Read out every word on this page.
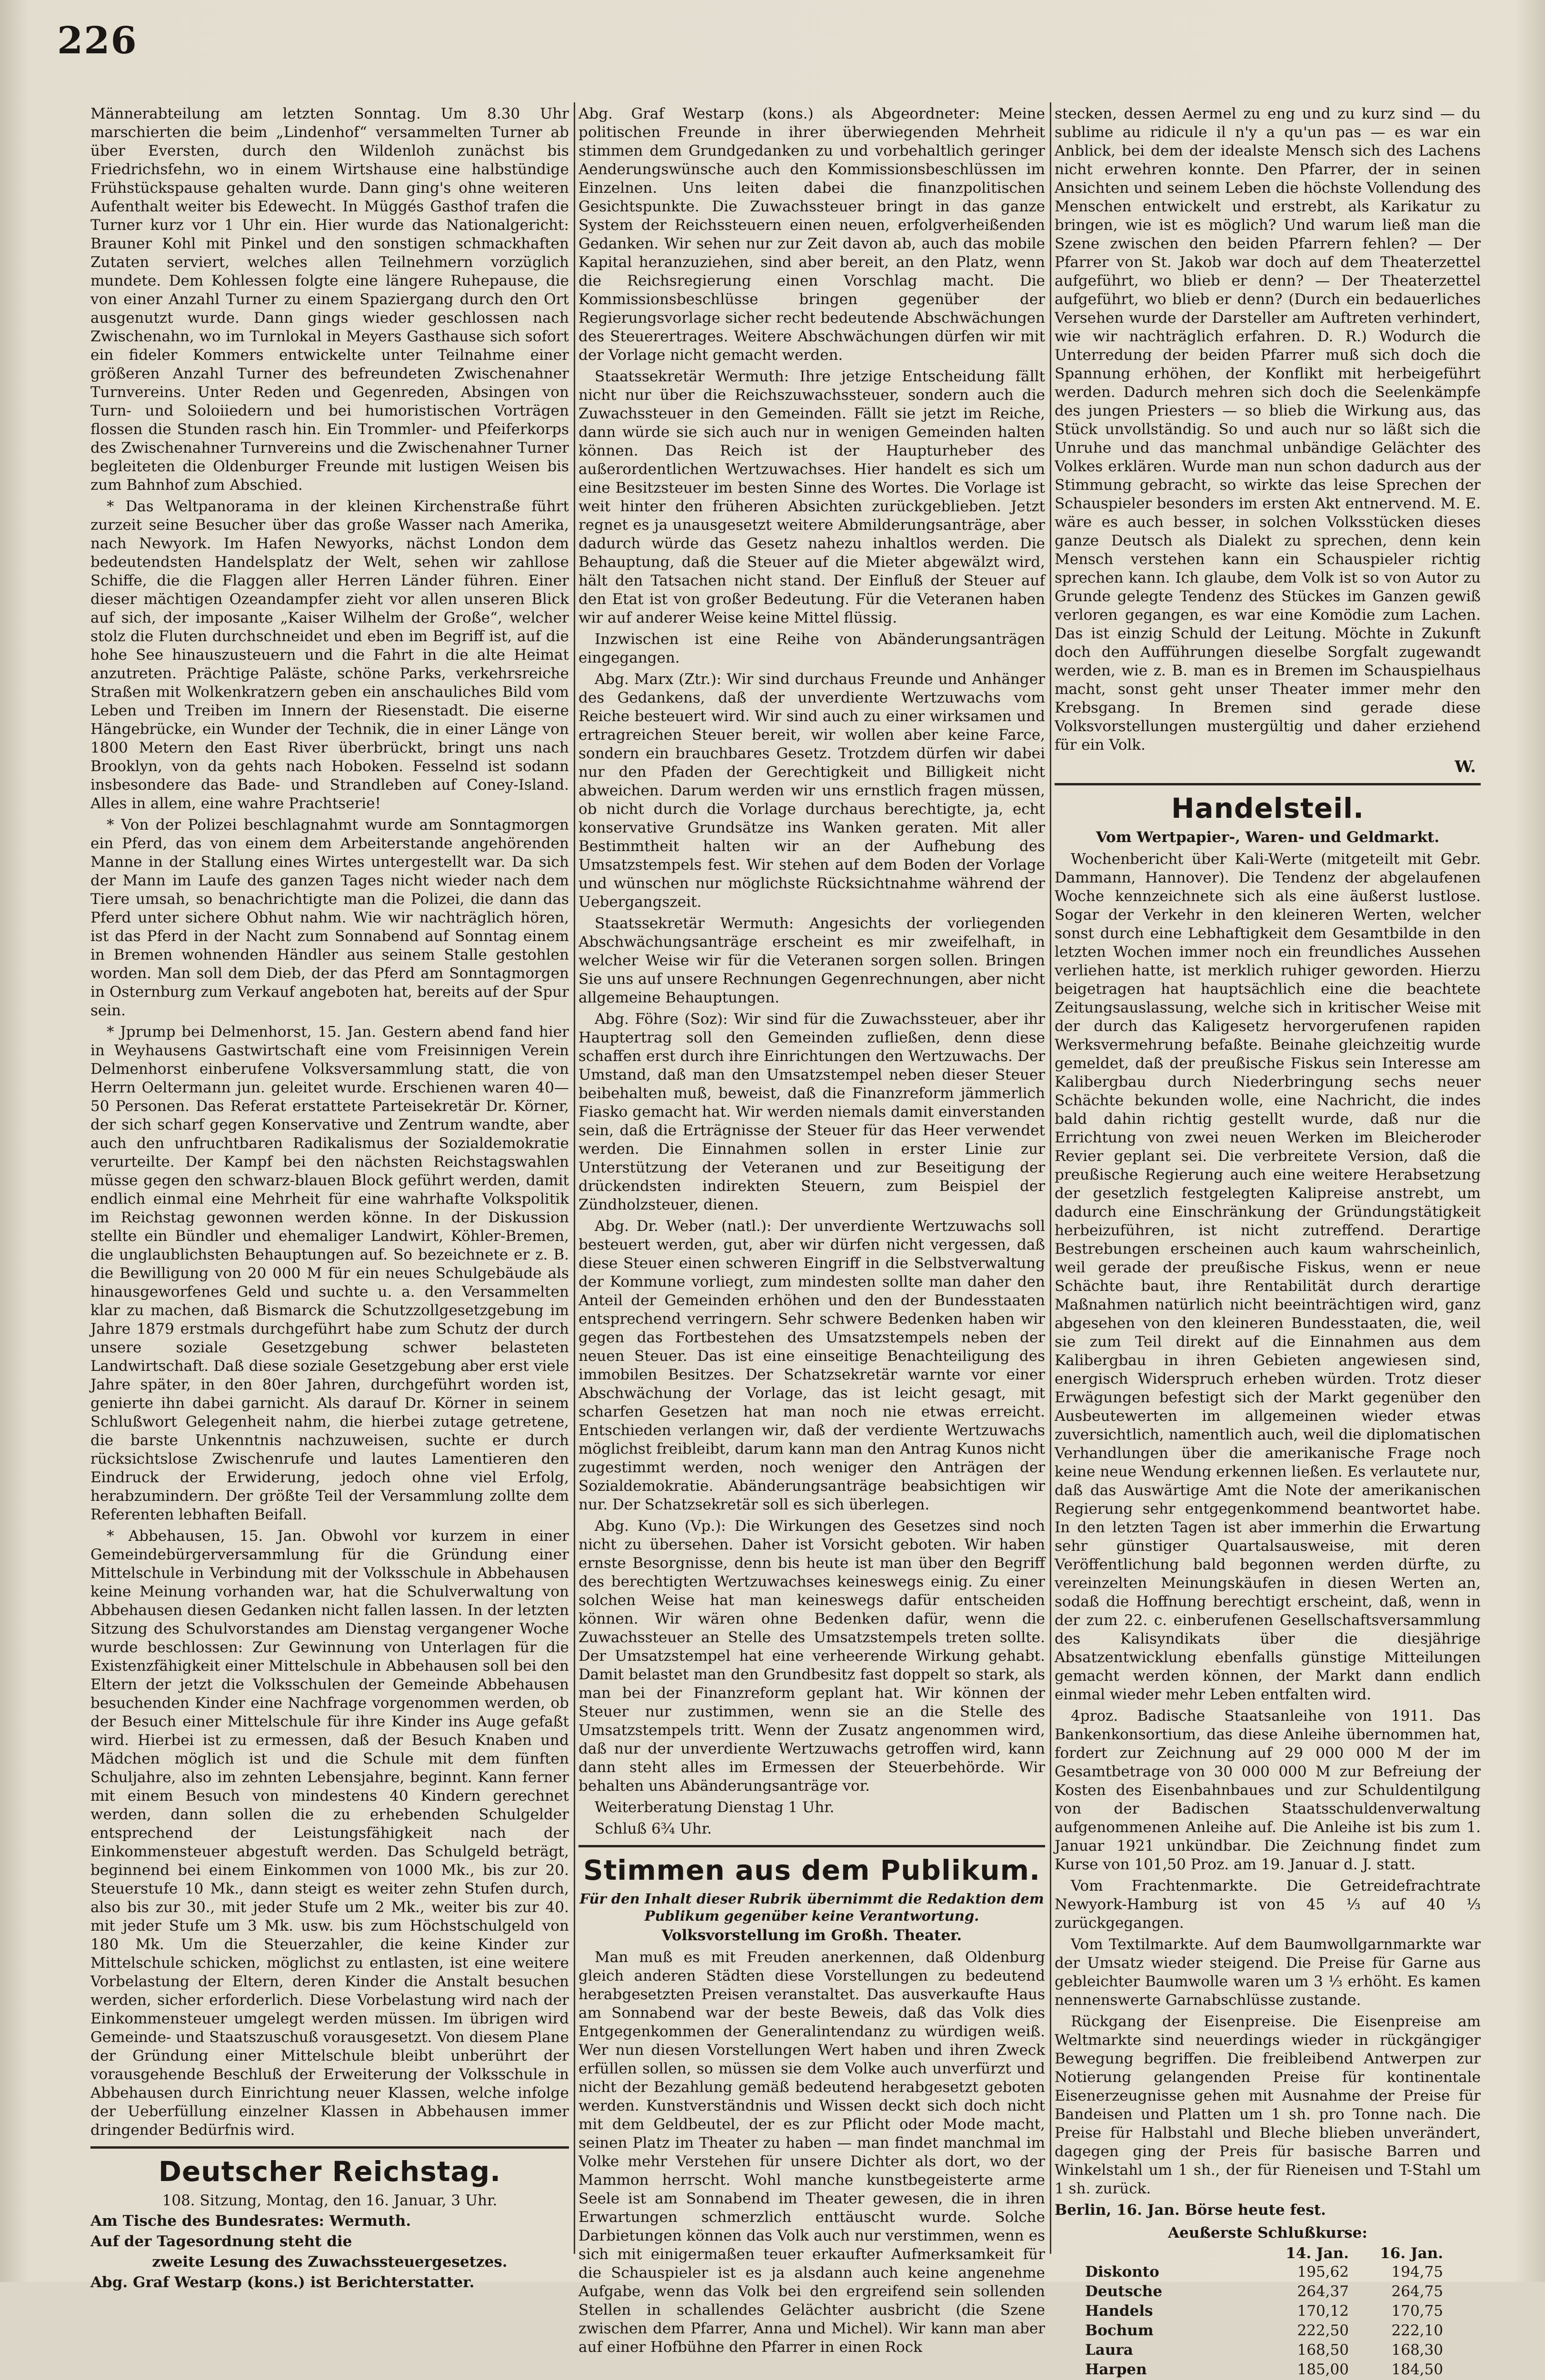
226

Männerabteilung am letzten Sonntag. Um 8.30 Uhr marschierten die beim „Lindenhof“ versammelten Turner ab über Eversten, durch den Wildenloh zunächst bis Friedrichsfehn, wo in einem Wirtshause eine halbstündige Frühstückspause gehalten wurde. Dann ging's ohne weiteren Aufenthalt weiter bis Edewecht. In Müggés Gasthof trafen die Turner kurz vor 1 Uhr ein. Hier wurde das Nationalgericht: Brauner Kohl mit Pinkel und den sonstigen schmackhaften Zutaten serviert, welches allen Teilnehmern vorzüglich mundete. Dem Kohlessen folgte eine längere Ruhepause, die von einer Anzahl Turner zu einem Spaziergang durch den Ort ausgenutzt wurde. Dann gings wieder geschlossen nach Zwischenahn, wo im Turnlokal in Meyers Gasthause sich sofort ein fideler Kommers entwickelte unter Teilnahme einer größeren Anzahl Turner des befreundeten Zwischenahner Turnvereins. Unter Reden und Gegenreden, Absingen von Turn- und Soloiiedern und bei humoristischen Vorträgen flossen die Stunden rasch hin. Ein Trommler- und Pfeiferkorps des Zwischenahner Turnvereins und die Zwischenahner Turner begleiteten die Oldenburger Freunde mit lustigen Weisen bis zum Bahnhof zum Abschied.

* Das Weltpanorama in der kleinen Kirchenstraße führt zurzeit seine Besucher über das große Wasser nach Amerika, nach Newyork. Im Hafen Newyorks, nächst London dem bedeutendsten Handelsplatz der Welt, sehen wir zahllose Schiffe, die die Flaggen aller Herren Länder führen. Einer dieser mächtigen Ozeandampfer zieht vor allen unseren Blick auf sich, der imposante „Kaiser Wilhelm der Große“, welcher stolz die Fluten durchschneidet und eben im Begriff ist, auf die hohe See hinauszusteuern und die Fahrt in die alte Heimat anzutreten. Prächtige Paläste, schöne Parks, verkehrsreiche Straßen mit Wolkenkratzern geben ein anschauliches Bild vom Leben und Treiben im Innern der Riesenstadt. Die eiserne Hängebrücke, ein Wunder der Technik, die in einer Länge von 1800 Metern den East River überbrückt, bringt uns nach Brooklyn, von da gehts nach Hoboken. Fesselnd ist sodann insbesondere das Bade- und Strandleben auf Coney-Island. Alles in allem, eine wahre Prachtserie!

* Von der Polizei beschlagnahmt wurde am Sonntagmorgen ein Pferd, das von einem dem Arbeiterstande angehörenden Manne in der Stallung eines Wirtes untergestellt war. Da sich der Mann im Laufe des ganzen Tages nicht wieder nach dem Tiere umsah, so benachrichtigte man die Polizei, die dann das Pferd unter sichere Obhut nahm. Wie wir nachträglich hören, ist das Pferd in der Nacht zum Sonnabend auf Sonntag einem in Bremen wohnenden Händler aus seinem Stalle gestohlen worden. Man soll dem Dieb, der das Pferd am Sonntagmorgen in Osternburg zum Verkauf angeboten hat, bereits auf der Spur sein.

* Jprump bei Delmenhorst, 15. Jan. Gestern abend fand hier in Weyhausens Gastwirtschaft eine vom Freisinnigen Verein Delmenhorst einberufene Volksversammlung statt, die von Herrn Oeltermann jun. geleitet wurde. Erschienen waren 40—50 Personen. Das Referat erstattete Parteisekretär Dr. Körner, der sich scharf gegen Konservative und Zentrum wandte, aber auch den unfruchtbaren Radikalismus der Sozialdemokratie verurteilte. Der Kampf bei den nächsten Reichstagswahlen müsse gegen den schwarz-blauen Block geführt werden, damit endlich einmal eine Mehrheit für eine wahrhafte Volkspolitik im Reichstag gewonnen werden könne. In der Diskussion stellte ein Bündler und ehemaliger Landwirt, Köhler-Bremen, die unglaublichsten Behauptungen auf. So bezeichnete er z. B. die Bewilligung von 20 000 M für ein neues Schulgebäude als hinausgeworfenes Geld und suchte u. a. den Versammelten klar zu machen, daß Bismarck die Schutzzollgesetzgebung im Jahre 1879 erstmals durchgeführt habe zum Schutz der durch unsere soziale Gesetzgebung schwer belasteten Landwirtschaft. Daß diese soziale Gesetzgebung aber erst viele Jahre später, in den 80er Jahren, durchgeführt worden ist, genierte ihn dabei garnicht. Als darauf Dr. Körner in seinem Schlußwort Gelegenheit nahm, die hierbei zutage getretene, die barste Unkenntnis nachzuweisen, suchte er durch rücksichtslose Zwischenrufe und lautes Lamentieren den Eindruck der Erwiderung, jedoch ohne viel Erfolg, herabzumindern. Der größte Teil der Versammlung zollte dem Referenten lebhaften Beifall.

* Abbehausen, 15. Jan. Obwohl vor kurzem in einer Gemeindebürgerversammlung für die Gründung einer Mittelschule in Verbindung mit der Volksschule in Abbehausen keine Meinung vorhanden war, hat die Schulverwaltung von Abbehausen diesen Gedanken nicht fallen lassen. In der letzten Sitzung des Schulvorstandes am Dienstag vergangener Woche wurde beschlossen: Zur Gewinnung von Unterlagen für die Existenzfähigkeit einer Mittelschule in Abbehausen soll bei den Eltern der jetzt die Volksschulen der Gemeinde Abbehausen besuchenden Kinder eine Nachfrage vorgenommen werden, ob der Besuch einer Mittelschule für ihre Kinder ins Auge gefaßt wird. Hierbei ist zu ermessen, daß der Besuch Knaben und Mädchen möglich ist und die Schule mit dem fünften Schuljahre, also im zehnten Lebensjahre, beginnt. Kann ferner mit einem Besuch von mindestens 40 Kindern gerechnet werden, dann sollen die zu erhebenden Schulgelder entsprechend der Leistungsfähigkeit nach der Einkommensteuer abgestuft werden. Das Schulgeld beträgt, beginnend bei einem Einkommen von 1000 Mk., bis zur 20. Steuerstufe 10 Mk., dann steigt es weiter zehn Stufen durch, also bis zur 30., mit jeder Stufe um 2 Mk., weiter bis zur 40. mit jeder Stufe um 3 Mk. usw. bis zum Höchstschulgeld von 180 Mk. Um die Steuerzahler, die keine Kinder zur Mittelschule schicken, möglichst zu entlasten, ist eine weitere Vorbelastung der Eltern, deren Kinder die Anstalt besuchen werden, sicher erforderlich. Diese Vorbelastung wird nach der Einkommensteuer umgelegt werden müssen. Im übrigen wird Gemeinde- und Staatszuschuß vorausgesetzt. Von diesem Plane der Gründung einer Mittelschule bleibt unberührt der vorausgehende Beschluß der Erweiterung der Volksschule in Abbehausen durch Einrichtung neuer Klassen, welche infolge der Ueberfüllung einzelner Klassen in Abbehausen immer dringender Bedürfnis wird.

Deutscher Reichstag.

108. Sitzung, Montag, den 16. Januar, 3 Uhr.

Am Tische des Bundesrates: Wermuth.

Auf der Tagesordnung steht die

zweite Lesung des Zuwachssteuergesetzes.

Abg. Graf Westarp (kons.) ist Berichterstatter.

Abg. Graf Westarp (kons.) als Abgeordneter: Meine politischen Freunde in ihrer überwiegenden Mehrheit stimmen dem Grundgedanken zu und vorbehaltlich geringer Aenderungswünsche auch den Kommissionsbeschlüssen im Einzelnen. Uns leiten dabei die finanzpolitischen Gesichtspunkte. Die Zuwachssteuer bringt in das ganze System der Reichssteuern einen neuen, erfolgverheißenden Gedanken. Wir sehen nur zur Zeit davon ab, auch das mobile Kapital heranzuziehen, sind aber bereit, an den Platz, wenn die Reichsregierung einen Vorschlag macht. Die Kommissionsbeschlüsse bringen gegenüber der Regierungsvorlage sicher recht bedeutende Abschwächungen des Steuerertrages. Weitere Abschwächungen dürfen wir mit der Vorlage nicht gemacht werden.

Staatssekretär Wermuth: Ihre jetzige Entscheidung fällt nicht nur über die Reichszuwachssteuer, sondern auch die Zuwachssteuer in den Gemeinden. Fällt sie jetzt im Reiche, dann würde sie sich auch nur in wenigen Gemeinden halten können. Das Reich ist der Haupturheber des außerordentlichen Wertzuwachses. Hier handelt es sich um eine Besitzsteuer im besten Sinne des Wortes. Die Vorlage ist weit hinter den früheren Absichten zurückgeblieben. Jetzt regnet es ja unausgesetzt weitere Abmilderungsanträge, aber dadurch würde das Gesetz nahezu inhaltlos werden. Die Behauptung, daß die Steuer auf die Mieter abgewälzt wird, hält den Tatsachen nicht stand. Der Einfluß der Steuer auf den Etat ist von großer Bedeutung. Für die Veteranen haben wir auf anderer Weise keine Mittel flüssig.

Inzwischen ist eine Reihe von Abänderungsanträgen eingegangen.

Abg. Marx (Ztr.): Wir sind durchaus Freunde und Anhänger des Gedankens, daß der unverdiente Wertzuwachs vom Reiche besteuert wird. Wir sind auch zu einer wirksamen und ertragreichen Steuer bereit, wir wollen aber keine Farce, sondern ein brauchbares Gesetz. Trotzdem dürfen wir dabei nur den Pfaden der Gerechtigkeit und Billigkeit nicht abweichen. Darum werden wir uns ernstlich fragen müssen, ob nicht durch die Vorlage durchaus berechtigte, ja, echt konservative Grundsätze ins Wanken geraten. Mit aller Bestimmtheit halten wir an der Aufhebung des Umsatzstempels fest. Wir stehen auf dem Boden der Vorlage und wünschen nur möglichste Rücksichtnahme während der Uebergangszeit.

Staatssekretär Wermuth: Angesichts der vorliegenden Abschwächungsanträge erscheint es mir zweifelhaft, in welcher Weise wir für die Veteranen sorgen sollen. Bringen Sie uns auf unsere Rechnungen Gegenrechnungen, aber nicht allgemeine Behauptungen.

Abg. Föhre (Soz): Wir sind für die Zuwachssteuer, aber ihr Hauptertrag soll den Gemeinden zufließen, denn diese schaffen erst durch ihre Einrichtungen den Wertzuwachs. Der Umstand, daß man den Umsatzstempel neben dieser Steuer beibehalten muß, beweist, daß die Finanzreform jämmerlich Fiasko gemacht hat. Wir werden niemals damit einverstanden sein, daß die Erträgnisse der Steuer für das Heer verwendet werden. Die Einnahmen sollen in erster Linie zur Unterstützung der Veteranen und zur Beseitigung der drückendsten indirekten Steuern, zum Beispiel der Zündholzsteuer, dienen.

Abg. Dr. Weber (natl.): Der unverdiente Wertzuwachs soll besteuert werden, gut, aber wir dürfen nicht vergessen, daß diese Steuer einen schweren Eingriff in die Selbstverwaltung der Kommune vorliegt, zum mindesten sollte man daher den Anteil der Gemeinden erhöhen und den der Bundesstaaten entsprechend verringern. Sehr schwere Bedenken haben wir gegen das Fortbestehen des Umsatzstempels neben der neuen Steuer. Das ist eine einseitige Benachteiligung des immobilen Besitzes. Der Schatzsekretär warnte vor einer Abschwächung der Vorlage, das ist leicht gesagt, mit scharfen Gesetzen hat man noch nie etwas erreicht. Entschieden verlangen wir, daß der verdiente Wertzuwachs möglichst freibleibt, darum kann man den Antrag Kunos nicht zugestimmt werden, noch weniger den Anträgen der Sozialdemokratie. Abänderungsanträge beabsichtigen wir nur. Der Schatzsekretär soll es sich überlegen.

Abg. Kuno (Vp.): Die Wirkungen des Gesetzes sind noch nicht zu übersehen. Daher ist Vorsicht geboten. Wir haben ernste Besorgnisse, denn bis heute ist man über den Begriff des berechtigten Wertzuwachses keineswegs einig. Zu einer solchen Weise hat man keineswegs dafür entscheiden können. Wir wären ohne Bedenken dafür, wenn die Zuwachssteuer an Stelle des Umsatzstempels treten sollte. Der Umsatzstempel hat eine verheerende Wirkung gehabt. Damit belastet man den Grundbesitz fast doppelt so stark, als man bei der Finanzreform geplant hat. Wir können der Steuer nur zustimmen, wenn sie an die Stelle des Umsatzstempels tritt. Wenn der Zusatz angenommen wird, daß nur der unverdiente Wertzuwachs getroffen wird, kann dann steht alles im Ermessen der Steuerbehörde. Wir behalten uns Abänderungsanträge vor.

Weiterberatung Dienstag 1 Uhr.

Schluß 6¾ Uhr.

Stimmen aus dem Publikum.

Für den Inhalt dieser Rubrik übernimmt die Redaktion dem Publikum gegenüber keine Verantwortung.

Volksvorstellung im Großh. Theater.

Man muß es mit Freuden anerkennen, daß Oldenburg gleich anderen Städten diese Vorstellungen zu bedeutend herabgesetzten Preisen veranstaltet. Das ausverkaufte Haus am Sonnabend war der beste Beweis, daß das Volk dies Entgegenkommen der Generalintendanz zu würdigen weiß. Wer nun diesen Vorstellungen Wert haben und ihren Zweck erfüllen sollen, so müssen sie dem Volke auch unverfürzt und nicht der Bezahlung gemäß bedeutend herabgesetzt geboten werden. Kunstverständnis und Wissen deckt sich doch nicht mit dem Geldbeutel, der es zur Pflicht oder Mode macht, seinen Platz im Theater zu haben — man findet manchmal im Volke mehr Verstehen für unsere Dichter als dort, wo der Mammon herrscht. Wohl manche kunstbegeisterte arme Seele ist am Sonnabend im Theater gewesen, die in ihren Erwartungen schmerzlich enttäuscht wurde. Solche Darbietungen können das Volk auch nur verstimmen, wenn es sich mit einigermaßen teuer erkaufter Aufmerksamkeit für die Schauspieler ist es ja alsdann auch keine angenehme Aufgabe, wenn das Volk bei den ergreifend sein sollenden Stellen in schallendes Gelächter ausbricht (die Szene zwischen dem Pfarrer, Anna und Michel). Wir kann man aber auf einer Hofbühne den Pfarrer in einen Rock

stecken, dessen Aermel zu eng und zu kurz sind — du sublime au ridicule il n'y a qu'un pas — es war ein Anblick, bei dem der idealste Mensch sich des Lachens nicht erwehren konnte. Den Pfarrer, der in seinen Ansichten und seinem Leben die höchste Vollendung des Menschen entwickelt und erstrebt, als Karikatur zu bringen, wie ist es möglich? Und warum ließ man die Szene zwischen den beiden Pfarrern fehlen? — Der Pfarrer von St. Jakob war doch auf dem Theaterzettel aufgeführt, wo blieb er denn? — Der Theaterzettel aufgeführt, wo blieb er denn? (Durch ein bedauerliches Versehen wurde der Darsteller am Auftreten verhindert, wie wir nachträglich erfahren. D. R.) Wodurch die Unterredung der beiden Pfarrer muß sich doch die Spannung erhöhen, der Konflikt mit herbeigeführt werden. Dadurch mehren sich doch die Seelenkämpfe des jungen Priesters — so blieb die Wirkung aus, das Stück unvollständig. So und auch nur so läßt sich die Unruhe und das manchmal unbändige Gelächter des Volkes erklären. Wurde man nun schon dadurch aus der Stimmung gebracht, so wirkte das leise Sprechen der Schauspieler besonders im ersten Akt entnervend. M. E. wäre es auch besser, in solchen Volksstücken dieses ganze Deutsch als Dialekt zu sprechen, denn kein Mensch verstehen kann ein Schauspieler richtig sprechen kann. Ich glaube, dem Volk ist so von Autor zu Grunde gelegte Tendenz des Stückes im Ganzen gewiß verloren gegangen, es war eine Komödie zum Lachen. Das ist einzig Schuld der Leitung. Möchte in Zukunft doch den Aufführungen dieselbe Sorgfalt zugewandt werden, wie z. B. man es in Bremen im Schauspielhaus macht, sonst geht unser Theater immer mehr den Krebsgang. In Bremen sind gerade diese Volksvorstellungen mustergültig und daher erziehend für ein Volk.

W.
Handelsteil.

Vom Wertpapier-, Waren- und Geldmarkt.

Wochenbericht über Kali-Werte (mitgeteilt mit Gebr. Dammann, Hannover). Die Tendenz der abgelaufenen Woche kennzeichnete sich als eine äußerst lustlose. Sogar der Verkehr in den kleineren Werten, welcher sonst durch eine Lebhaftigkeit dem Gesamtbilde in den letzten Wochen immer noch ein freundliches Aussehen verliehen hatte, ist merklich ruhiger geworden. Hierzu beigetragen hat hauptsächlich eine die beachtete Zeitungsauslassung, welche sich in kritischer Weise mit der durch das Kaligesetz hervorgerufenen rapiden Werksvermehrung befaßte. Beinahe gleichzeitig wurde gemeldet, daß der preußische Fiskus sein Interesse am Kalibergbau durch Niederbringung sechs neuer Schächte bekunden wolle, eine Nachricht, die indes bald dahin richtig gestellt wurde, daß nur die Errichtung von zwei neuen Werken im Bleicheroder Revier geplant sei. Die verbreitete Version, daß die preußische Regierung auch eine weitere Herabsetzung der gesetzlich festgelegten Kalipreise anstrebt, um dadurch eine Einschränkung der Gründungstätigkeit herbeizuführen, ist nicht zutreffend. Derartige Bestrebungen erscheinen auch kaum wahrscheinlich, weil gerade der preußische Fiskus, wenn er neue Schächte baut, ihre Rentabilität durch derartige Maßnahmen natürlich nicht beeinträchtigen wird, ganz abgesehen von den kleineren Bundesstaaten, die, weil sie zum Teil direkt auf die Einnahmen aus dem Kalibergbau in ihren Gebieten angewiesen sind, energisch Widerspruch erheben würden. Trotz dieser Erwägungen befestigt sich der Markt gegenüber den Ausbeutewerten im allgemeinen wieder etwas zuversichtlich, namentlich auch, weil die diplomatischen Verhandlungen über die amerikanische Frage noch keine neue Wendung erkennen ließen. Es verlautete nur, daß das Auswärtige Amt die Note der amerikanischen Regierung sehr entgegenkommend beantwortet habe. In den letzten Tagen ist aber immerhin die Erwartung sehr günstiger Quartalsausweise, mit deren Veröffentlichung bald begonnen werden dürfte, zu vereinzelten Meinungskäufen in diesen Werten an, sodaß die Hoffnung berechtigt erscheint, daß, wenn in der zum 22. c. einberufenen Gesellschaftsversammlung des Kalisyndikats über die diesjährige Absatzentwicklung ebenfalls günstige Mitteilungen gemacht werden können, der Markt dann endlich einmal wieder mehr Leben entfalten wird.

4proz. Badische Staatsanleihe von 1911. Das Bankenkonsortium, das diese Anleihe übernommen hat, fordert zur Zeichnung auf 29 000 000 M der im Gesamtbetrage von 30 000 000 M zur Befreiung der Kosten des Eisenbahnbaues und zur Schuldentilgung von der Badischen Staatsschuldenverwaltung aufgenommenen Anleihe auf. Die Anleihe ist bis zum 1. Januar 1921 unkündbar. Die Zeichnung findet zum Kurse von 101,50 Proz. am 19. Januar d. J. statt.

Vom Frachtenmarkte. Die Getreidefrachtrate Newyork-Hamburg ist von 45 ⅓ auf 40 ⅓ zurückgegangen.

Vom Textilmarkte. Auf dem Baumwollgarnmarkte war der Umsatz wieder steigend. Die Preise für Garne aus gebleichter Baumwolle waren um 3 ⅓ erhöht. Es kamen nennenswerte Garnabschlüsse zustande.

Rückgang der Eisenpreise. Die Eisenpreise am Weltmarkte sind neuerdings wieder in rückgängiger Bewegung begriffen. Die freibleibend Antwerpen zur Notierung gelangenden Preise für kontinentale Eisenerzeugnisse gehen mit Ausnahme der Preise für Bandeisen und Platten um 1 sh. pro Tonne nach. Die Preise für Halbstahl und Bleche blieben unverändert, dagegen ging der Preis für basische Barren und Winkelstahl um 1 sh., der für Rieneisen und T-Stahl um 1 sh. zurück.

Berlin, 16. Jan. Börse heute fest.

Aeußerste Schlußkurse:
	14. Jan.	16. Jan.
Diskonto	195,62	194,75
Deutsche	264,37	264,75
Handels	170,12	170,75
Bochum	222,50	222,10
Laura	168,50	168,30
Harpen	185,00	184,50
